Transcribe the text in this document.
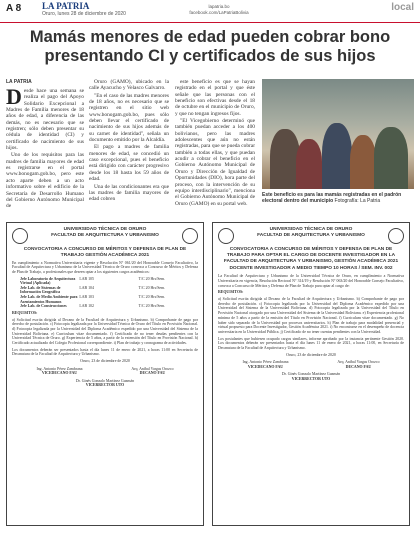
A 8 LA PATRIA
Oruro, lunes 28 de diciembre de 2020
lapatria.bo
facebook.com/LaPatriaBolivia	local
Mamás menores de edad pueden cobrar bono presentando CI y certificados de sus hijos
LA PATRIA
D esde hace una semana se realiza el pago del Apoyo Solidario Excepcional a Madres de Familia menores de 18 años de edad, a diferencia de las demás, no es necesario que se registren; sólo deben presentar su cédula de identidad (CI) y certificado de nacimiento de sus hijos.

Uno de los requisitos para las madres de familia mayores de edad es registrarse en el portal www.bonogam.gob.bo, pero este acto aparte deben a un acto informativo sobre el edificio de la Secretaría de Desarrollo Humano del Gobierno Autónomo Municipal de

Oruro (GAMO), ubicado en la calle Ayacucho y Velasco Galvarro.

"En el caso de las madres menores de 18 años, no es necesario que se registren en el sitio web www.bonogam.gob.bo, pues sólo deben llevar el certificado de nacimiento de sus hijos además de su carnet de identidad", señala un documento emitido por la Alcaldía.

El pago a madres de familia menores de edad, se concedió un caso excepcional, pues el beneficio está dirigido con carácter progresivo desde los 18 hasta los 59 años de edad.

Una de las condicionantes era que las madres de familia mayores de edad cobren

este beneficio es que se hayan registrado en el portal y que éste señale que las personas con el beneficio son efectivas desde el 18 de octubre en el municipio de Oruro, y que no tengan ingresos fijos.

"El Vicegobierno determinó que también puedan acceder a los 400 bolivianos, pero las madres adolescentes que aún no están registradas, para que se pueda cobrar también a todas ellas, y que puedan acudir a cobrar el beneficio en el Gobierno Autónomo Municipal de Oruro y Dirección de Igualdad de Oportunidades (DIO), hora parte del proceso, con la intervención de su equipo interdisciplinario", menciona el Gobierno Autónomo Municipal de Oruro (GAMO) en su portal web.

Este beneficio es para las mamás registradas en el padrón electoral dentro del municipio Fotografía: La Patria
UNIVERSIDAD TÉCNICA DE ORURO
FACULTAD DE ARQUITECTURA Y URBANISMO
CONVOCATORIA A CONCURSO DE MÉRITOS Y DEFENSA DE PLAN DE TRABAJO GESTIÓN ACADÉMICA 2021
En cumplimiento a Normativa Universitaria vigente y Resolución N° 061/20 del Honorable Consejo Facultativo, la Facultad de Arquitectura y Urbanismo de la Universidad Técnica de Oruro convoca a Concurso de Méritos y Defensa de Plan de Trabajo, a profesionales que deseen optar a los siguientes cargos académicos:
Jefe Laboratorio de Arquitectura Virtual (Aplicada)
LAB 105	T/C 20 Hrs/Sem.
Jefe Lab. de Sistemas de Información Geográfica
LAB 104	T/C 20 Hrs/Sem.
Jefe Lab. de Medio Ambiente para Asentamientos Humanos
LAB 103	T/C 20 Hrs/Sem.
Jefe Lab. de Construcciones	LAB 102	T/C 20 Hrs/Sem.
REQUISITOS:
a) Solicitud escrita dirigida al Decano de la Facultad de Arquitectura y Urbanismo. b) Comprobante de pago por derecho de postulación. c) Fotocopia legalizada por la Universidad Técnica de Oruro del Título en Provisión Nacional. d) Fotocopia legalizada por la Universidad del Diploma Académico expedido por una Universidad del Sistema de la Universidad Boliviana. e) Curriculum vitae documentado. f) Certificado de no tener deudas pendientes con la Universidad Técnica de Oruro. g) Experiencia de 5 años, a partir de la extensión del Título en Provisión Nacional. h) Certificado actualizado del Colegio Profesional correspondiente. i) Plan de trabajo y cronograma de actividades.
Los documentos deberán ser presentados hasta el día lunes 11 de enero de 2021, a horas 11:00 en Secretaría de Decanatura de la Facultad de Arquitectura y Urbanismo.
Oruro, 23 de diciembre de 2020
Ing. Antonio Pérez Zambrana
VICEDECANO FAU
Arq. Aníbal Vargas Orozco
DECANO FAU
Dr. Ginés Gonzalo Martínez Guzmán
VICERRECTOR UTO
UNIVERSIDAD TÉCNICA DE ORURO
FACULTAD DE ARQUITECTURA Y URBANISMO
CONVOCATORIA A CONCURSO DE MÉRITOS Y DEFENSA DE PLAN DE TRABAJO PARA OPTAR EL CARGO DE DOCENTE INVESTIGADOR EN LA FACULTAD DE ARQUITECTURA Y URBANISMO, GESTIÓN ACADÉMICA 2021
DOCENTE INVESTIGADOR A MEDIO TIEMPO 10 HORAS / SEM. INV. 002
La Facultad de Arquitectura y Urbanismo de la Universidad Técnica de Oruro, en cumplimiento a Normativa Universitaria en vigencia, Resolución Rectoral N° 314/19 y Resolución N° 063/20 del Honorable Consejo Facultativo, convoca a Concurso de Méritos y Defensa de Plan de Trabajo para optar al cargo de:
REQUISITOS:
a) Solicitud escrita dirigida al Decano de la Facultad de Arquitectura y Urbanismo. b) Comprobante de pago por derecho de postulación. c) Fotocopia legalizada por la Universidad del Diploma Académico expedido por una Universidad del Sistema de la Universidad Boliviana. d) Fotocopia legalizada por la Universidad del Título en Provisión Nacional otorgado por una Universidad del Sistema de la Universidad Boliviana. e) Experiencia profesional mínima de 5 años a partir de la emisión del Título en Provisión Nacional. f) Curriculum vitae documentado. g) No haber sido separado de la Universidad por procesos universitarios. h) Plan de trabajo para modalidad presencial y virtual propuesto para Docente Investigador, Gestión Académica 2021. i) No encontrarse en el desempeño de docencia universitaria en la Universidad Pública. j) Certificado de no tener cuentas pendientes con la Universidad.
Los postulantes que hubiesen ocupado cargos similares, informe aprobado por la instancia pertinente Gestión 2020. Los documentos deberán ser presentados hasta el día lunes 11 de enero de 2021, a horas 11:00, en Secretaría de Decanatura de la Facultad de Arquitectura y Urbanismo.
Oruro, 23 de diciembre de 2020
Ing. Antonio Pérez Zambrana
VICEDECANO FAU
Arq. Aníbal Vargas Orozco
DECANO FAU
Dr. Ginés Gonzalo Martínez Guzmán
VICERRECTOR UTO
